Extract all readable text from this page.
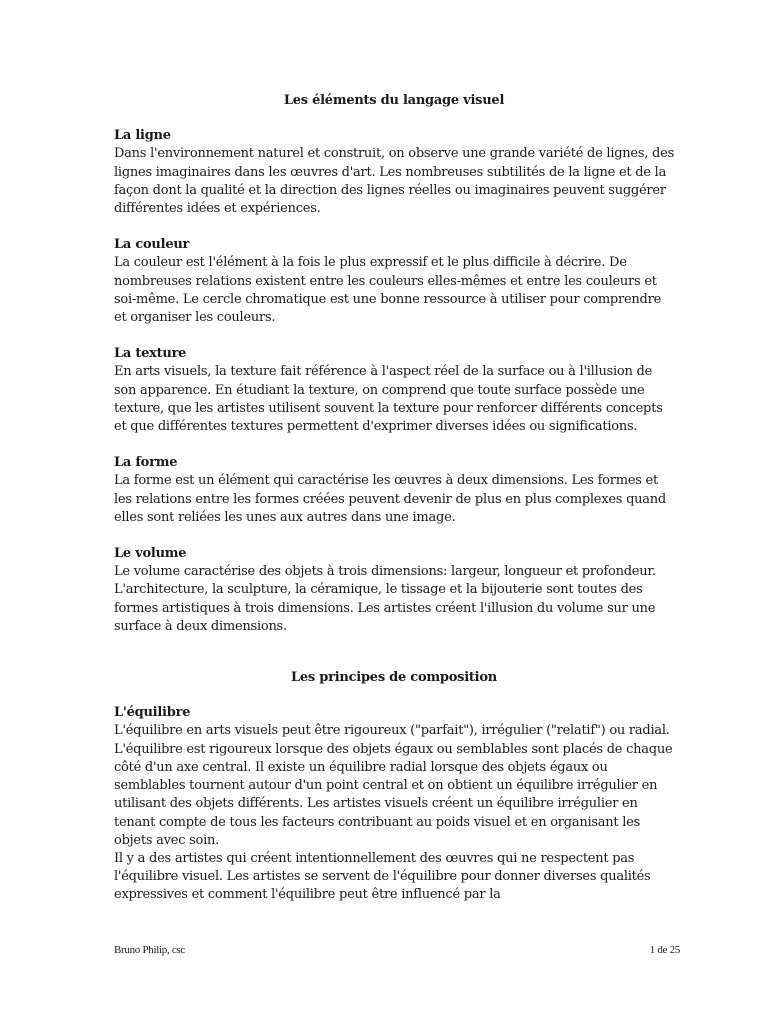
Les éléments du langage visuel

La ligne

Dans l'environnement naturel et construit, on observe une grande variété de lignes, des lignes imaginaires dans les œuvres d'art. Les nombreuses subtilités de la ligne et de la façon dont la qualité et la direction des lignes réelles ou imaginaires peuvent suggérer différentes idées et expériences.

La couleur

La couleur est l'élément à la fois le plus expressif et le plus difficile à décrire. De nombreuses relations existent entre les couleurs elles-mêmes et entre les couleurs et soi-même. Le cercle chromatique est une bonne ressource à utiliser pour comprendre et organiser les couleurs.

La texture

En arts visuels, la texture fait référence à l'aspect réel de la surface ou à l'illusion de son apparence. En étudiant la texture, on comprend que toute surface possède une texture, que les artistes utilisent souvent la texture pour renforcer différents concepts et que différentes textures permettent d'exprimer diverses idées ou significations.

La forme

La forme est un élément qui caractérise les œuvres à deux dimensions. Les formes et les relations entre les formes créées peuvent devenir de plus en plus complexes quand elles sont reliées les unes aux autres dans une image.

Le volume

Le volume caractérise des objets à trois dimensions: largeur, longueur et profondeur. L'architecture, la sculpture, la céramique, le tissage et la bijouterie sont toutes des formes artistiques à trois dimensions. Les artistes créent l'illusion du volume sur une surface à deux dimensions.

Les principes de composition

L'équilibre

L'équilibre en arts visuels peut être rigoureux ("parfait"), irrégulier ("relatif") ou radial. L'équilibre est rigoureux lorsque des objets égaux ou semblables sont placés de chaque côté d'un axe central. Il existe un équilibre radial lorsque des objets égaux ou semblables tournent autour d'un point central et on obtient un équilibre irrégulier en utilisant des objets différents. Les artistes visuels créent un équilibre irrégulier en tenant compte de tous les facteurs contribuant au poids visuel et en organisant les objets avec soin.

Il y a des artistes qui créent intentionnellement des œuvres qui ne respectent pas l'équilibre visuel. Les artistes se servent de l'équilibre pour donner diverses qualités expressives et comment l'équilibre peut être influencé par la

Bruno Philip, csc	1 de 25
